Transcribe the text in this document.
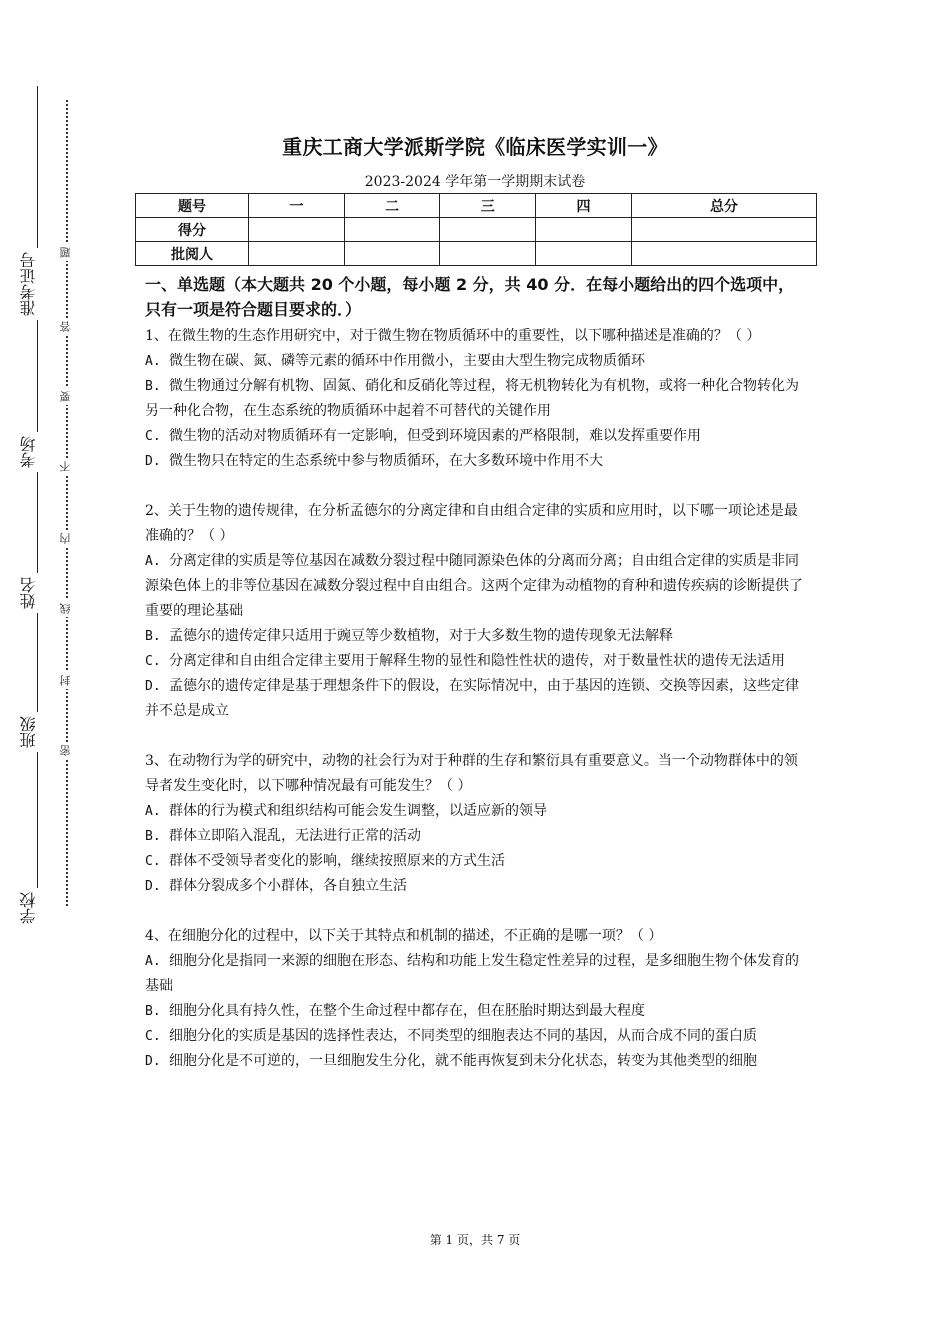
准考证号
考场
姓名
班级
学校
题
答
要
不
内
线
封
密
重庆工商大学派斯学院《临床医学实训一》
2023-2024 学年第一学期期末试卷
题号	一	二	三	四	总分
得分					
批阅人					
一、单选题（本大题共 20 个小题，每小题 2 分，共 40 分．在每小题给出的四个选项中，只有一项是符合题目要求的．）
1、在微生物的生态作用研究中，对于微生物在物质循环中的重要性，以下哪种描述是准确的？（ ）
A. 微生物在碳、氮、磷等元素的循环中作用微小，主要由大型生物完成物质循环
B. 微生物通过分解有机物、固氮、硝化和反硝化等过程，将无机物转化为有机物，或将一种化合物转化为另一种化合物，在生态系统的物质循环中起着不可替代的关键作用
C. 微生物的活动对物质循环有一定影响，但受到环境因素的严格限制，难以发挥重要作用
D. 微生物只在特定的生态系统中参与物质循环，在大多数环境中作用不大
2、关于生物的遗传规律，在分析孟德尔的分离定律和自由组合定律的实质和应用时，以下哪一项论述是最准确的？（ ）
A. 分离定律的实质是等位基因在减数分裂过程中随同源染色体的分离而分离；自由组合定律的实质是非同源染色体上的非等位基因在减数分裂过程中自由组合。这两个定律为动植物的育种和遗传疾病的诊断提供了重要的理论基础
B. 孟德尔的遗传定律只适用于豌豆等少数植物，对于大多数生物的遗传现象无法解释
C. 分离定律和自由组合定律主要用于解释生物的显性和隐性性状的遗传，对于数量性状的遗传无法适用
D. 孟德尔的遗传定律是基于理想条件下的假设，在实际情况中，由于基因的连锁、交换等因素，这些定律并不总是成立
3、在动物行为学的研究中，动物的社会行为对于种群的生存和繁衍具有重要意义。当一个动物群体中的领导者发生变化时，以下哪种情况最有可能发生？（ ）
A. 群体的行为模式和组织结构可能会发生调整，以适应新的领导
B. 群体立即陷入混乱，无法进行正常的活动
C. 群体不受领导者变化的影响，继续按照原来的方式生活
D. 群体分裂成多个小群体，各自独立生活
4、在细胞分化的过程中，以下关于其特点和机制的描述，不正确的是哪一项？（ ）
A. 细胞分化是指同一来源的细胞在形态、结构和功能上发生稳定性差异的过程，是多细胞生物个体发育的基础
B. 细胞分化具有持久性，在整个生命过程中都存在，但在胚胎时期达到最大程度
C. 细胞分化的实质是基因的选择性表达，不同类型的细胞表达不同的基因，从而合成不同的蛋白质
D. 细胞分化是不可逆的，一旦细胞发生分化，就不能再恢复到未分化状态，转变为其他类型的细胞
第 1 页，共 7 页
